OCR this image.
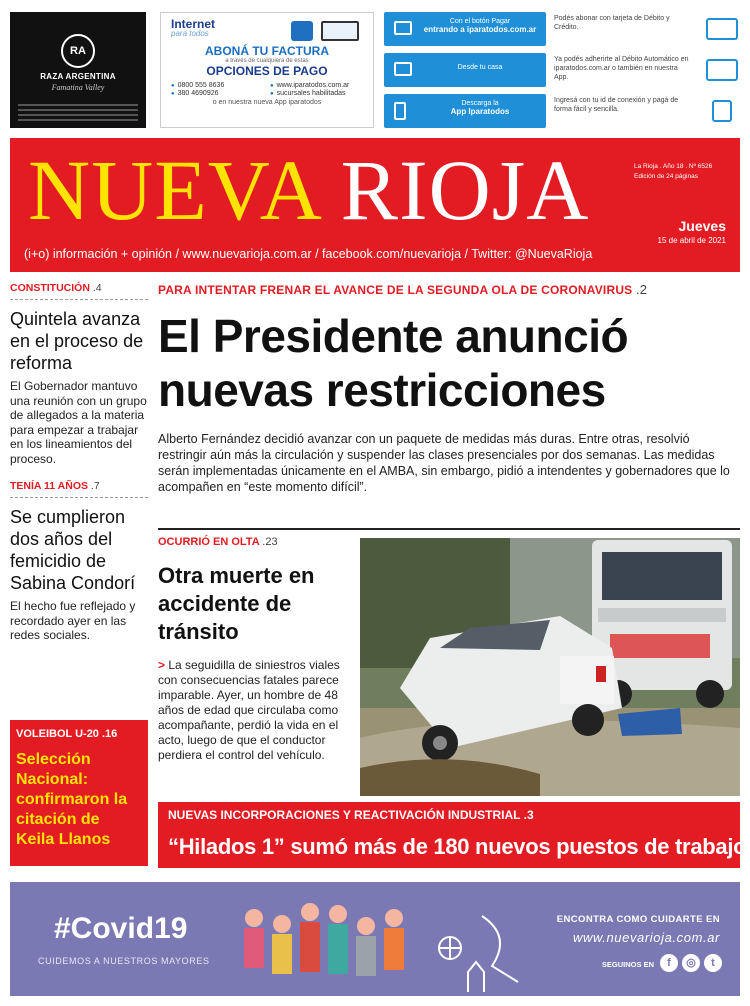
RA
RAZA ARGENTINA
Famatina Valley
Internet
para todos
ABONÁ TU FACTURA
a través de cualquiera de estas
OPCIONES DE PAGO
● 0800 555 8636	● www.iparatodos.com.ar
● 380 4690926	● sucursales habilitadas
o en nuestra nueva App iparatodos
Con el botón Pagar
entrando a iparatodos.com.ar
Podés abonar con tarjeta de Débito y Crédito.
Desde tu casa
Ya podés adherirte al Débito Automático en iparatodos.com.ar o también en nuestra App.
Descarga la
App Iparatodos
Ingresá con tu id de conexión y pagá de forma fácil y sencilla.
NUEVA RIOJA	La Rioja . Año 18 . Nº 6526
Edición de 24 páginas
Jueves
15 de abril de 2021
(i+o) información + opinión / www.nuevarioja.com.ar / facebook.com/nuevarioja / Twitter: @NuevaRioja
CONSTITUCIÓN .4
Quintela avanza en el proceso de reforma
El Gobernador mantuvo una reunión con un grupo de allegados a la materia para empezar a trabajar en los lineamientos del proceso.
TENÍA 11 AÑOS .7
Se cumplieron dos años del femicidio de Sabina Condorí
El hecho fue reflejado y recordado ayer en las redes sociales.
VOLEIBOL U-20 .16
Selección Nacional: confirmaron la citación de Keila Llanos
PARA INTENTAR FRENAR EL AVANCE DE LA SEGUNDA OLA DE CORONAVIRUS .2
El Presidente anunció nuevas restricciones
Alberto Fernández decidió avanzar con un paquete de medidas más duras. Entre otras, resolvió restringir aún más la circulación y suspender las clases presenciales por dos semanas. Las medidas serán implementadas únicamente en el AMBA, sin embargo, pidió a intendentes y gobernadores que lo acompañen en “este momento difícil”.
OCURRIÓ EN OLTA .23
Otra muerte en accidente de tránsito
> La seguidilla de siniestros viales con consecuencias fatales parece imparable. Ayer, un hombre de 48 años de edad que circulaba como acompañante, perdió la vida en el acto, luego de que el conductor perdiera el control del vehículo.
NUEVAS INCORPORACIONES Y REACTIVACIÓN INDUSTRIAL .3
“Hilados 1” sumó más de 180 nuevos puestos de trabajo
#Covid19
CUIDEMOS A NUESTROS MAYORES
ENCONTRA COMO CUIDARTE EN
www.nuevarioja.com.ar
SEGUINOS EN	f	◎	t
